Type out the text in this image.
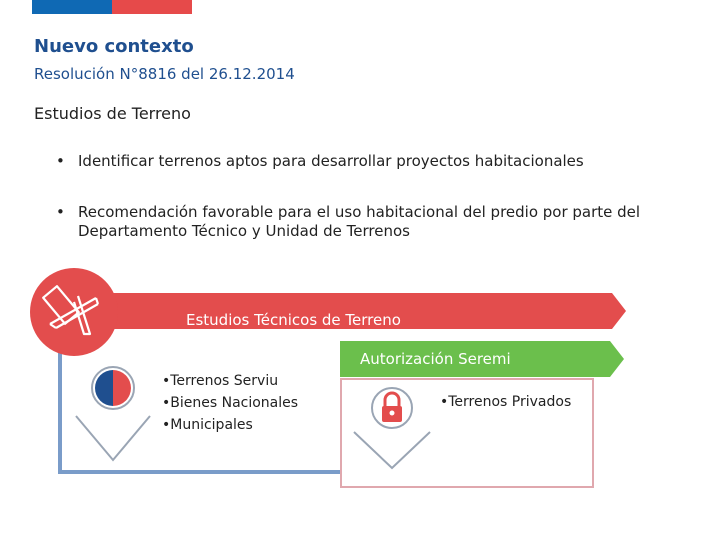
Nuevo contexto
Resolución N°8816 del 26.12.2014
Estudios de Terreno
• Identificar terrenos aptos para desarrollar proyectos habitacionales
• Recomendación favorable para el uso habitacional del predio por parte del Departamento Técnico y Unidad de Terrenos
Estudios Técnicos de Terreno
Autorización Seremi
•Terrenos Serviu
•Bienes Nacionales
•Municipales
•Terrenos Privados
